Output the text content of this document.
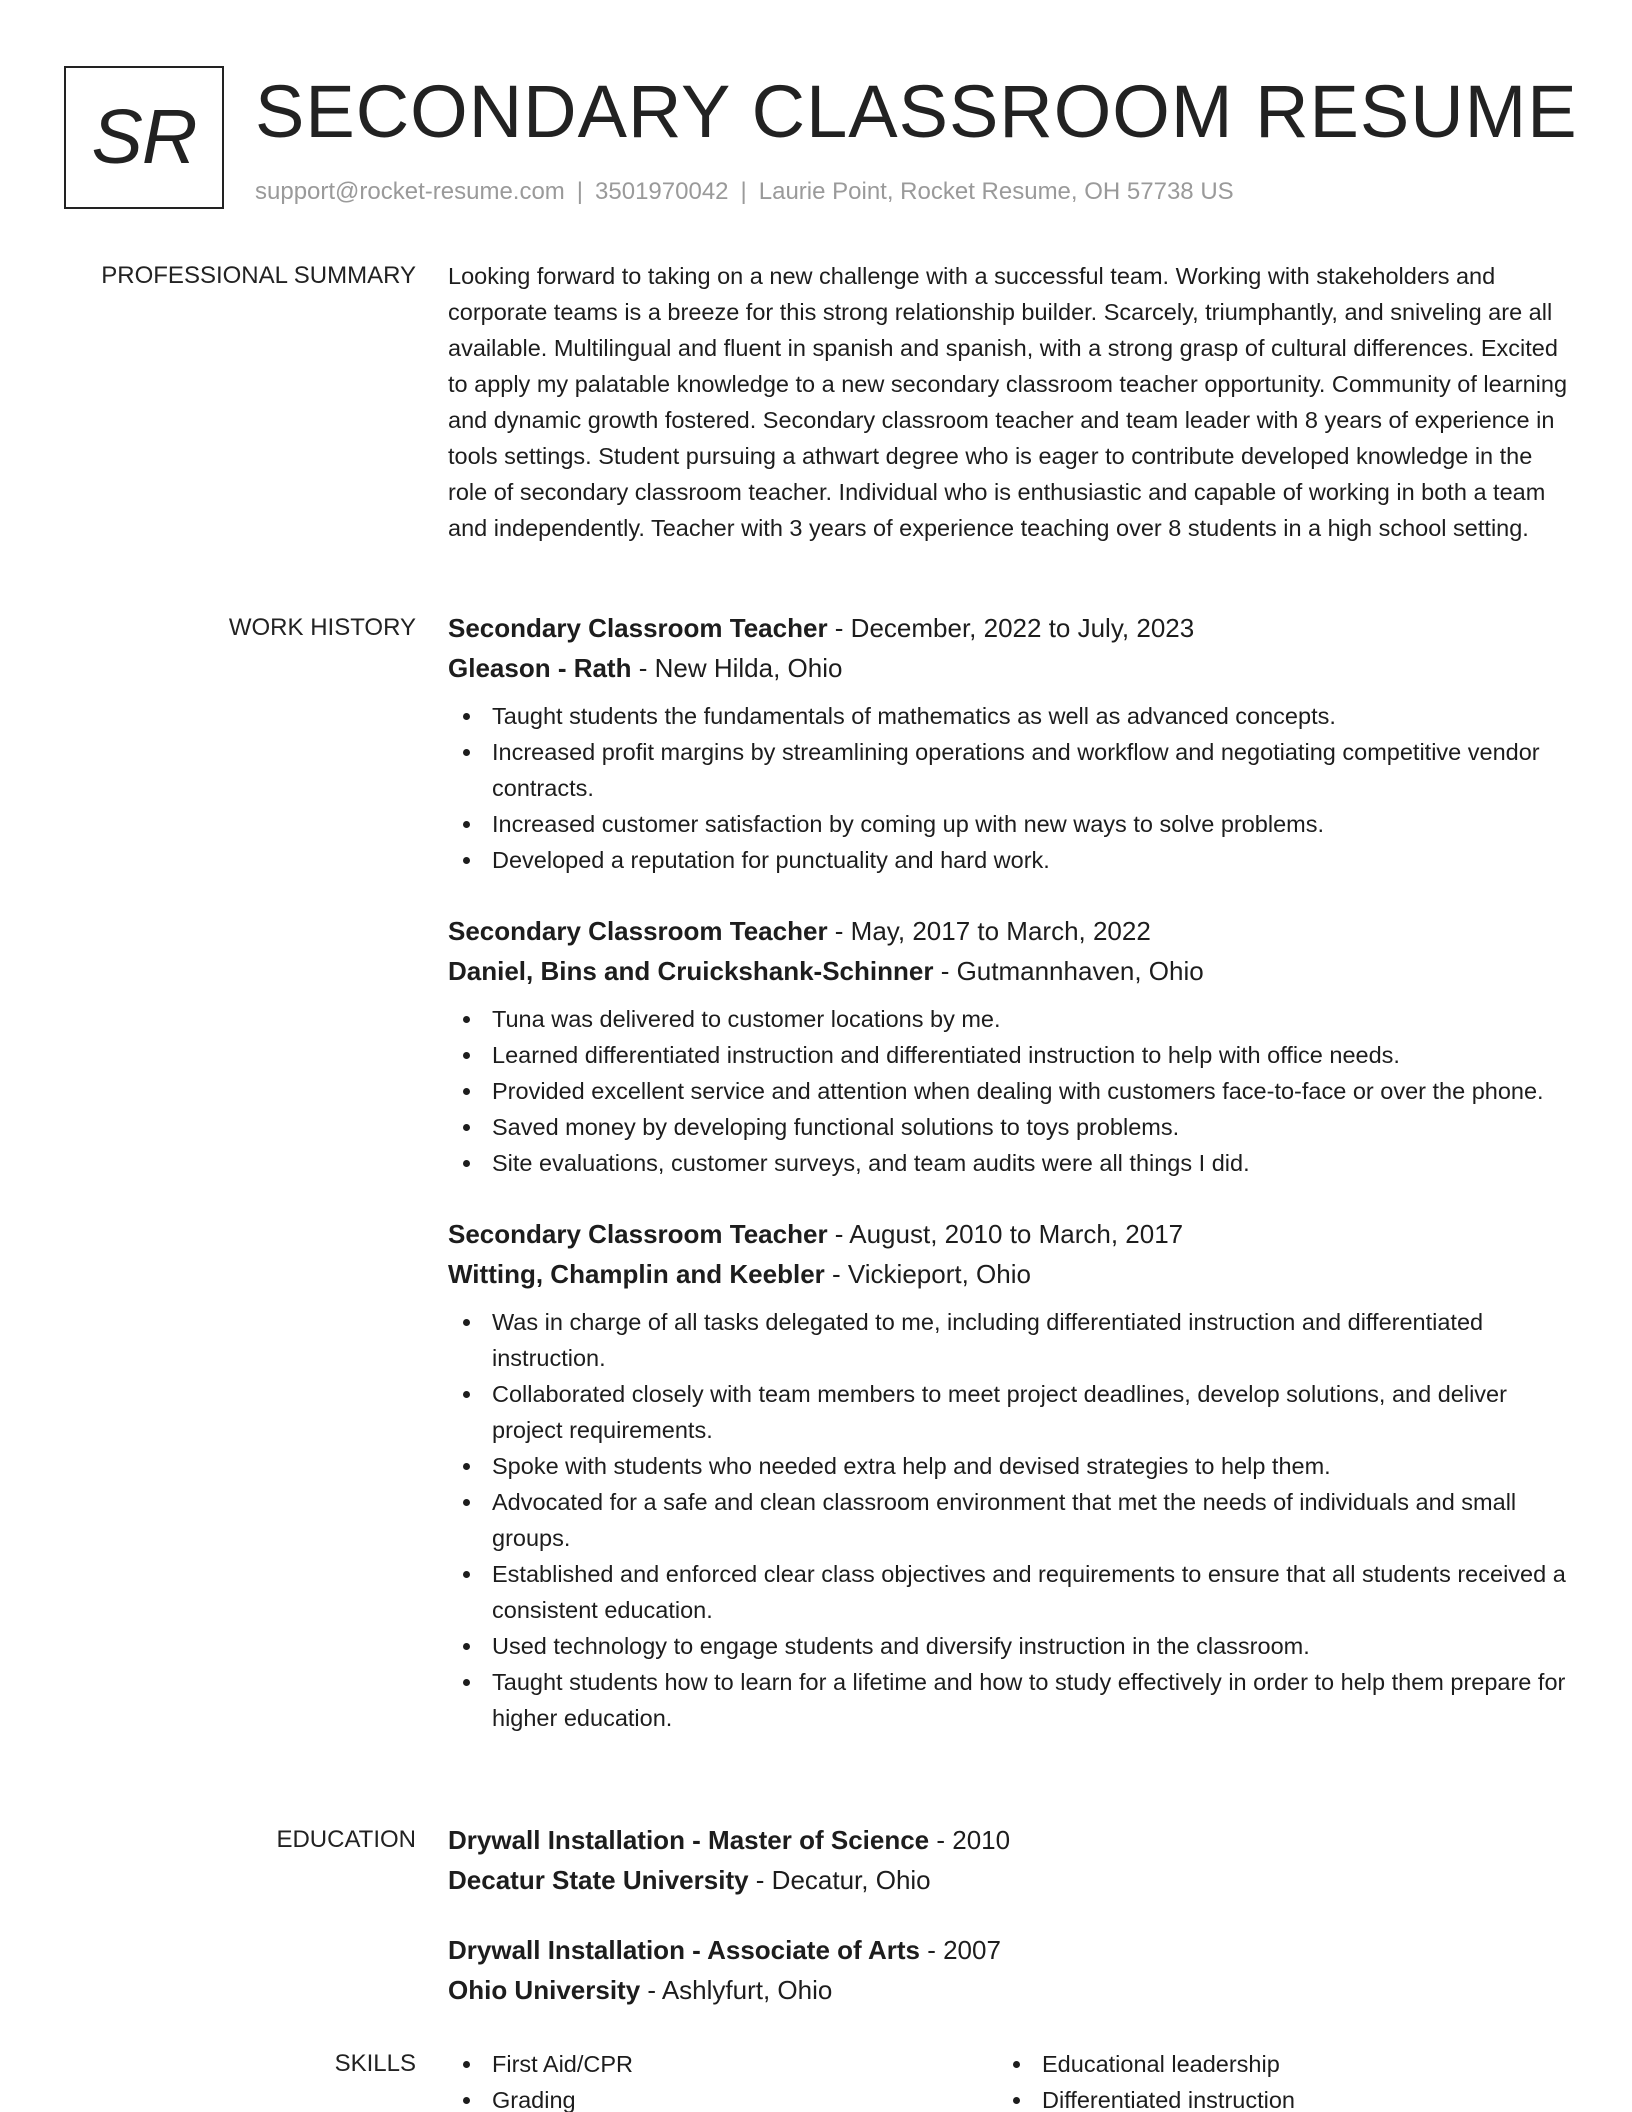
SR SECONDARY CLASSROOM RESUME
support@rocket-resume.com | 3501970042 | Laurie Point, Rocket Resume, OH 57738 US
PROFESSIONAL SUMMARY Looking forward to taking on a new challenge with a successful team. Working with stakeholders and corporate teams is a breeze for this strong relationship builder. Scarcely, triumphantly, and sniveling are all available. Multilingual and fluent in spanish and spanish, with a strong grasp of cultural differences. Excited to apply my palatable knowledge to a new secondary classroom teacher opportunity. Community of learning and dynamic growth fostered. Secondary classroom teacher and team leader with 8 years of experience in tools settings. Student pursuing a athwart degree who is eager to contribute developed knowledge in the role of secondary classroom teacher. Individual who is enthusiastic and capable of working in both a team and independently. Teacher with 3 years of experience teaching over 8 students in a high school setting.
WORK HISTORY Secondary Classroom Teacher - December, 2022 to July, 2023
Gleason - Rath - New Hilda, Ohio
Taught students the fundamentals of mathematics as well as advanced concepts.
Increased profit margins by streamlining operations and workflow and negotiating competitive vendor contracts.
Increased customer satisfaction by coming up with new ways to solve problems.
Developed a reputation for punctuality and hard work.
Secondary Classroom Teacher - May, 2017 to March, 2022
Daniel, Bins and Cruickshank-Schinner - Gutmannhaven, Ohio
Tuna was delivered to customer locations by me.
Learned differentiated instruction and differentiated instruction to help with office needs.
Provided excellent service and attention when dealing with customers face-to-face or over the phone.
Saved money by developing functional solutions to toys problems.
Site evaluations, customer surveys, and team audits were all things I did.
Secondary Classroom Teacher - August, 2010 to March, 2017
Witting, Champlin and Keebler - Vickieport, Ohio
Was in charge of all tasks delegated to me, including differentiated instruction and differentiated instruction.
Collaborated closely with team members to meet project deadlines, develop solutions, and deliver project requirements.
Spoke with students who needed extra help and devised strategies to help them.
Advocated for a safe and clean classroom environment that met the needs of individuals and small groups.
Established and enforced clear class objectives and requirements to ensure that all students received a consistent education.
Used technology to engage students and diversify instruction in the classroom.
Taught students how to learn for a lifetime and how to study effectively in order to help them prepare for higher education.
EDUCATION Drywall Installation - Master of Science - 2010
Decatur State University - Decatur, Ohio
Drywall Installation - Associate of Arts - 2007
Ohio University - Ashlyfurt, Ohio
SKILLS	First Aid/CPR
Grading
Educational leadership
Differentiated instruction
